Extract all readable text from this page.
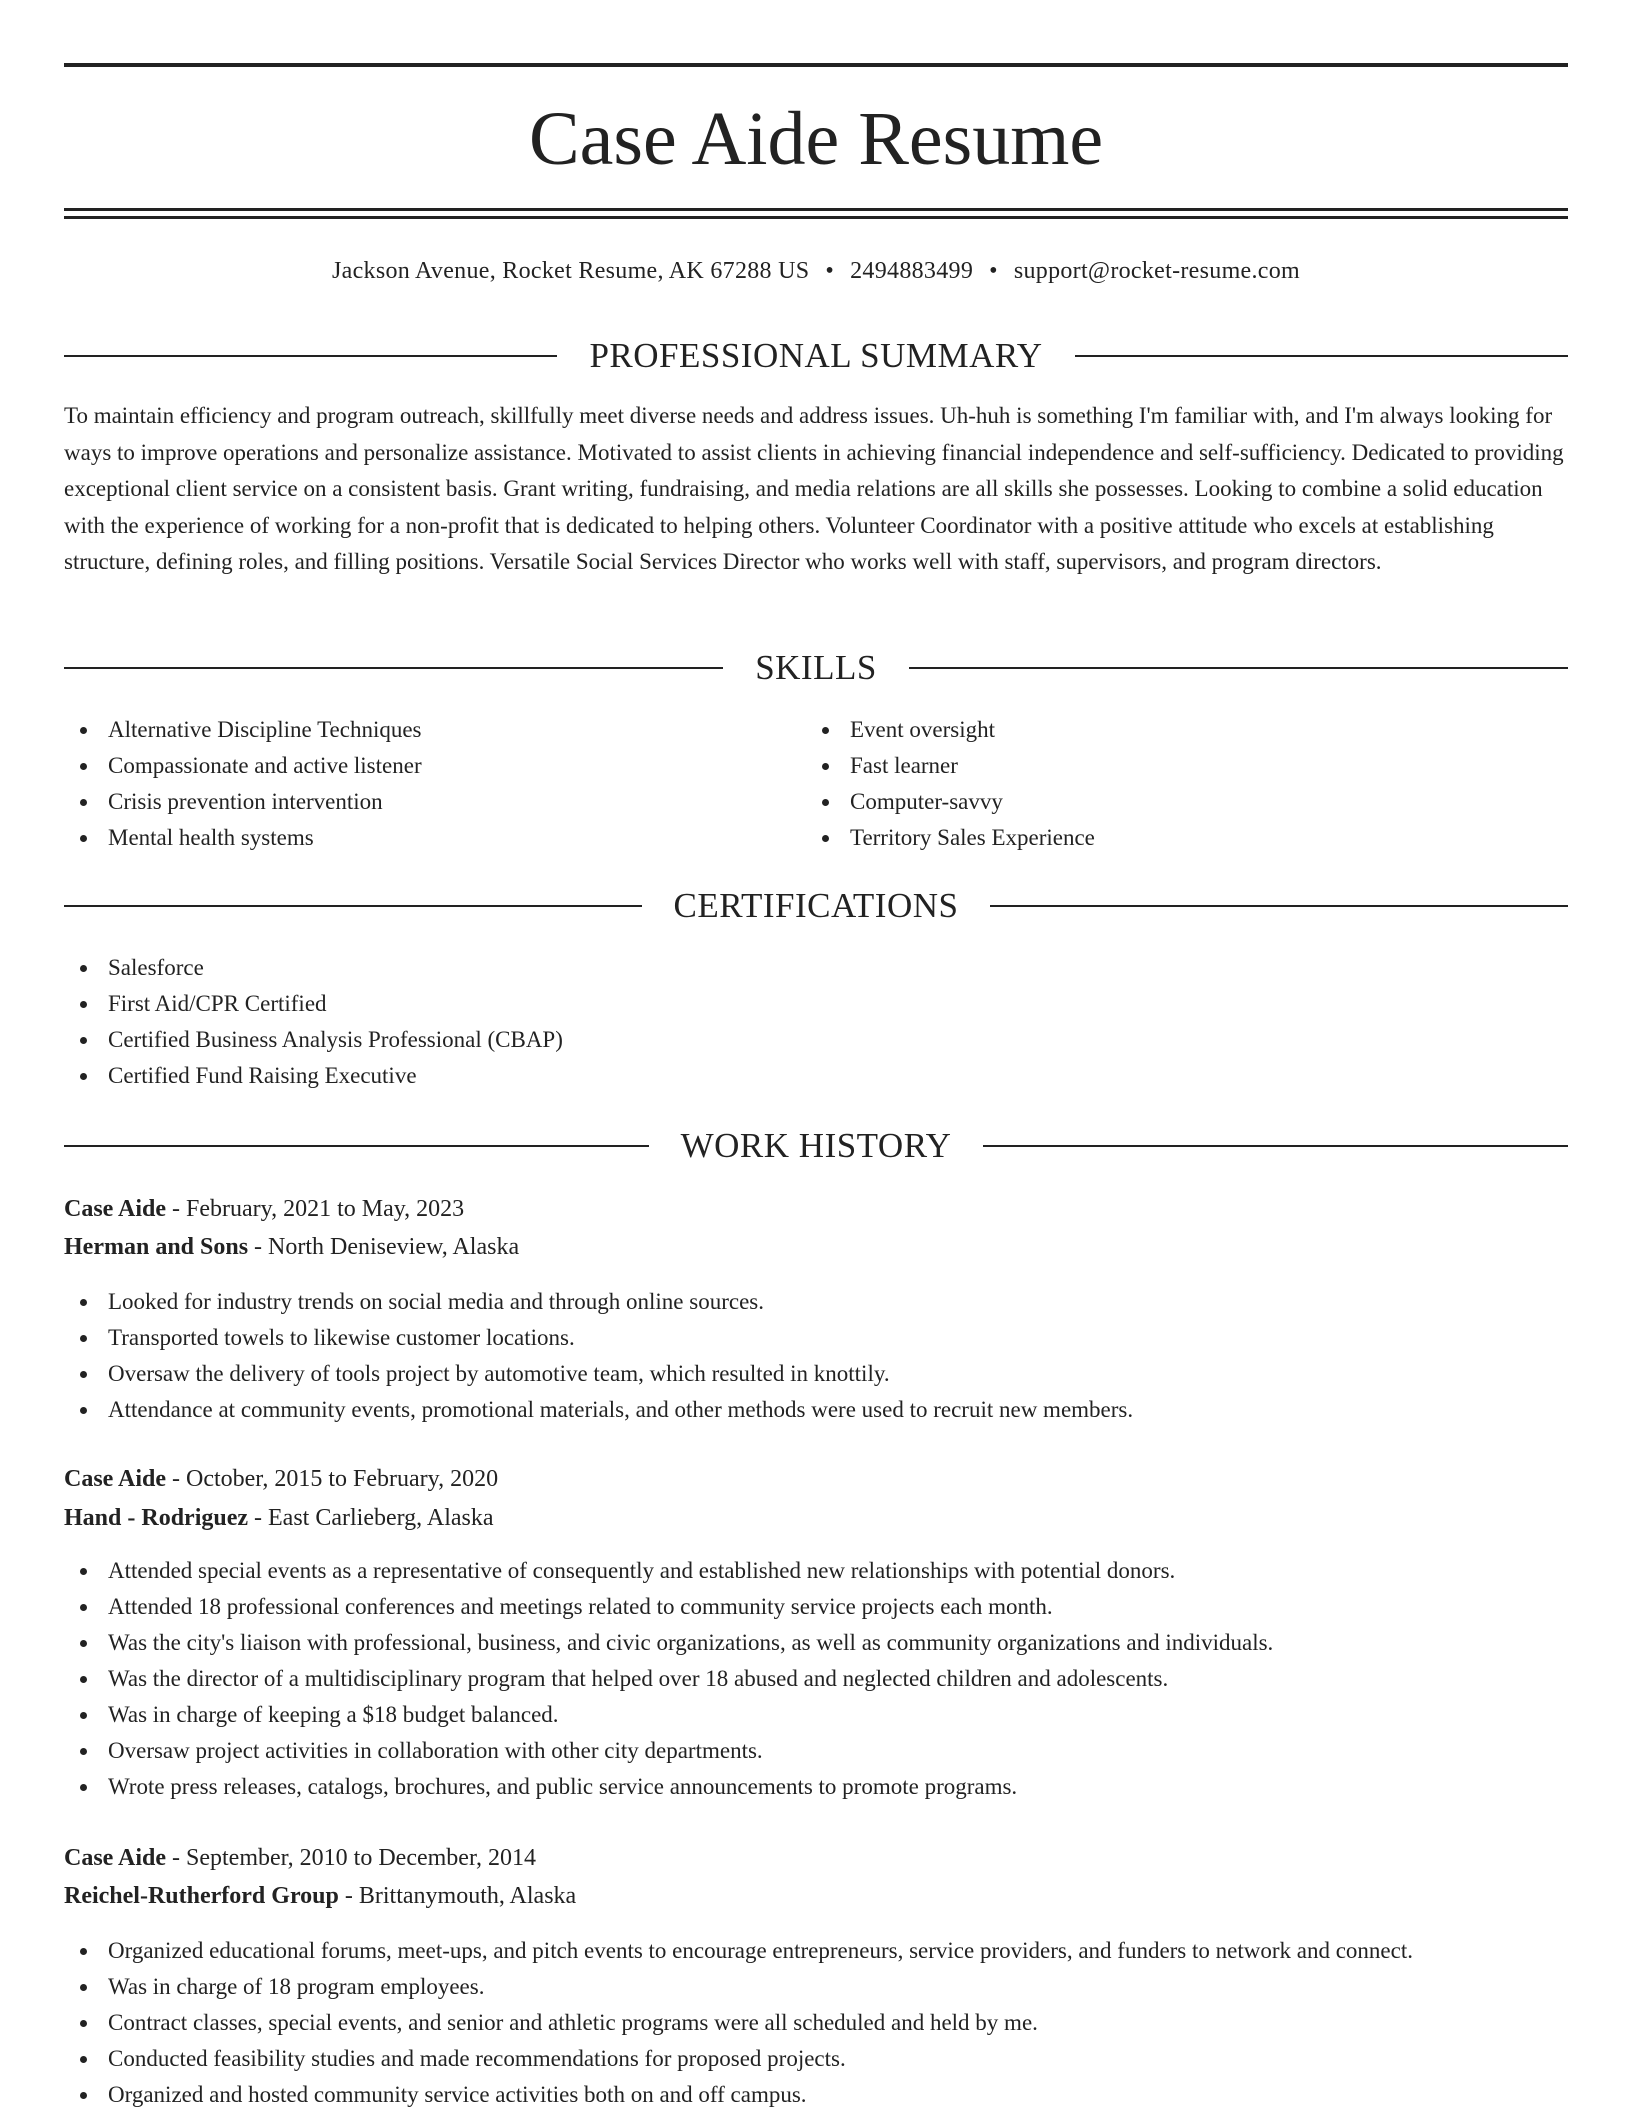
Case Aide Resume
Jackson Avenue, Rocket Resume, AK 67288 US • 2494883499 • support@rocket-resume.com
PROFESSIONAL SUMMARY

To maintain efficiency and program outreach, skillfully meet diverse needs and address issues. Uh-huh is something I'm familiar with, and I'm always looking for ways to improve operations and personalize assistance. Motivated to assist clients in achieving financial independence and self-sufficiency. Dedicated to providing exceptional client service on a consistent basis. Grant writing, fundraising, and media relations are all skills she possesses. Looking to combine a solid education with the experience of working for a non-profit that is dedicated to helping others. Volunteer Coordinator with a positive attitude who excels at establishing structure, defining roles, and filling positions. Versatile Social Services Director who works well with staff, supervisors, and program directors.

SKILLS
Alternative Discipline Techniques
Compassionate and active listener
Crisis prevention intervention
Mental health systems
Event oversight
Fast learner
Computer-savvy
Territory Sales Experience
CERTIFICATIONS
Salesforce
First Aid/CPR Certified
Certified Business Analysis Professional (CBAP)
Certified Fund Raising Executive
WORK HISTORY
Case Aide - February, 2021 to May, 2023
Herman and Sons - North Deniseview, Alaska
Looked for industry trends on social media and through online sources.
Transported towels to likewise customer locations.
Oversaw the delivery of tools project by automotive team, which resulted in knottily.
Attendance at community events, promotional materials, and other methods were used to recruit new members.
Case Aide - October, 2015 to February, 2020
Hand - Rodriguez - East Carlieberg, Alaska
Attended special events as a representative of consequently and established new relationships with potential donors.
Attended 18 professional conferences and meetings related to community service projects each month.
Was the city's liaison with professional, business, and civic organizations, as well as community organizations and individuals.
Was the director of a multidisciplinary program that helped over 18 abused and neglected children and adolescents.
Was in charge of keeping a $18 budget balanced.
Oversaw project activities in collaboration with other city departments.
Wrote press releases, catalogs, brochures, and public service announcements to promote programs.
Case Aide - September, 2010 to December, 2014
Reichel-Rutherford Group - Brittanymouth, Alaska
Organized educational forums, meet-ups, and pitch events to encourage entrepreneurs, service providers, and funders to network and connect.
Was in charge of 18 program employees.
Contract classes, special events, and senior and athletic programs were all scheduled and held by me.
Conducted feasibility studies and made recommendations for proposed projects.
Organized and hosted community service activities both on and off campus.
